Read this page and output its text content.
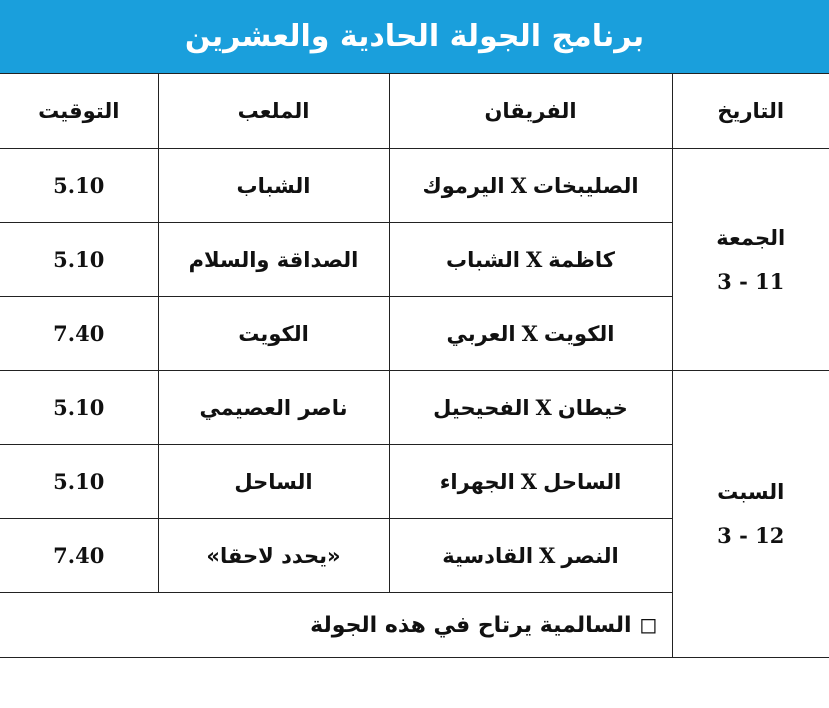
برنامج الجولة الحادية والعشرين
التاريخ	الفريقان	الملعب	التوقيت

الجمعة
3 - 11	الصليبخاتXاليرموك	الشباب	5.10
	كاظمةXالشباب	الصداقة والسلام	5.10
	الكويتXالعربي	الكويت	7.40

السبت
3 - 12	خيطانXالفحيحيل	ناصر العصيمي	5.10
	الساحلXالجهراء	الساحل	5.10
	النصرXالقادسية	«يحدد لاحقا»	7.40
	◻ السالمية يرتاح في هذه الجولة		
